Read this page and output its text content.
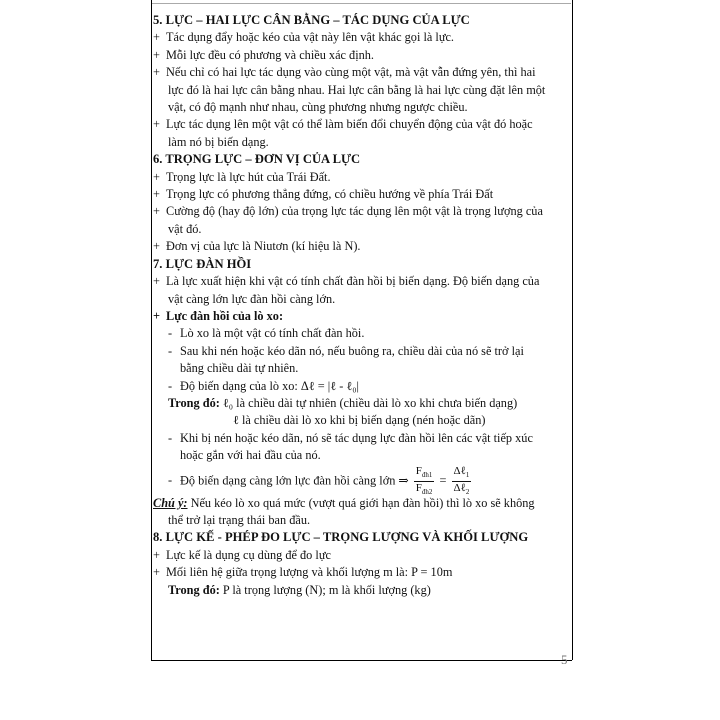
5
5. LỰC – HAI LỰC CÂN BẰNG – TÁC DỤNG CỦA LỰC
+ Tác dụng đẩy hoặc kéo của vật này lên vật khác gọi là lực.
+ Mỗi lực đều có phương và chiều xác định.
+ Nếu chỉ có hai lực tác dụng vào cùng một vật, mà vật vẫn đứng yên, thì hai
lực đó là hai lực cân bằng nhau. Hai lực cân bằng là hai lực cùng đặt lên một
vật, có độ mạnh như nhau, cùng phương nhưng ngược chiều.
+ Lực tác dụng lên một vật có thể làm biến đổi chuyển động của vật đó hoặc
làm nó bị biến dạng.
6. TRỌNG LỰC – ĐƠN VỊ CỦA LỰC
+ Trọng lực là lực hút của Trái Đất.
+ Trọng lực có phương thẳng đứng, có chiều hướng về phía Trái Đất
+ Cường độ (hay độ lớn) của trọng lực tác dụng lên một vật là trọng lượng của
vật đó.
+ Đơn vị của lực là Niutơn (kí hiệu là N).
7. LỰC ĐÀN HỒI
+ Là lực xuất hiện khi vật có tính chất đàn hồi bị biến dạng. Độ biến dạng của
vật càng lớn lực đàn hồi càng lớn.
+ Lực đàn hồi của lò xo:
- Lò xo là một vật có tính chất đàn hồi.
- Sau khi nén hoặc kéo dãn nó, nếu buông ra, chiều dài của nó sẽ trở lại
bằng chiều dài tự nhiên.
- Độ biến dạng của lò xo: Δℓ = |ℓ - ℓ₀|
Trong đó: ℓ₀ là chiều dài tự nhiên (chiều dài lò xo khi chưa biến dạng)
ℓ là chiều dài lò xo khi bị biến dạng (nén hoặc dãn)
- Khi bị nén hoặc kéo dãn, nó sẽ tác dụng lực đàn hồi lên các vật tiếp xúc
hoặc gắn với hai đầu của nó.
- Độ biến dạng càng lớn lực đàn hồi càng lớn ⇒ $\frac{F_{đh1}}{F_{đh2}} = \frac{\Delta\ell_1}{\Delta\ell_2}$
Chú ý: Nếu kéo lò xo quá mức (vượt quá giới hạn đàn hồi) thì lò xo sẽ không
thể trở lại trạng thái ban đầu.
8. LỰC KẾ - PHÉP ĐO LỰC – TRỌNG LƯỢNG VÀ KHỐI LƯỢNG
+ Lực kế là dụng cụ dùng để đo lực
+ Mối liên hệ giữa trọng lượng và khối lượng m là: P = 10m
Trong đó: P là trọng lượng (N); m là khối lượng (kg)
